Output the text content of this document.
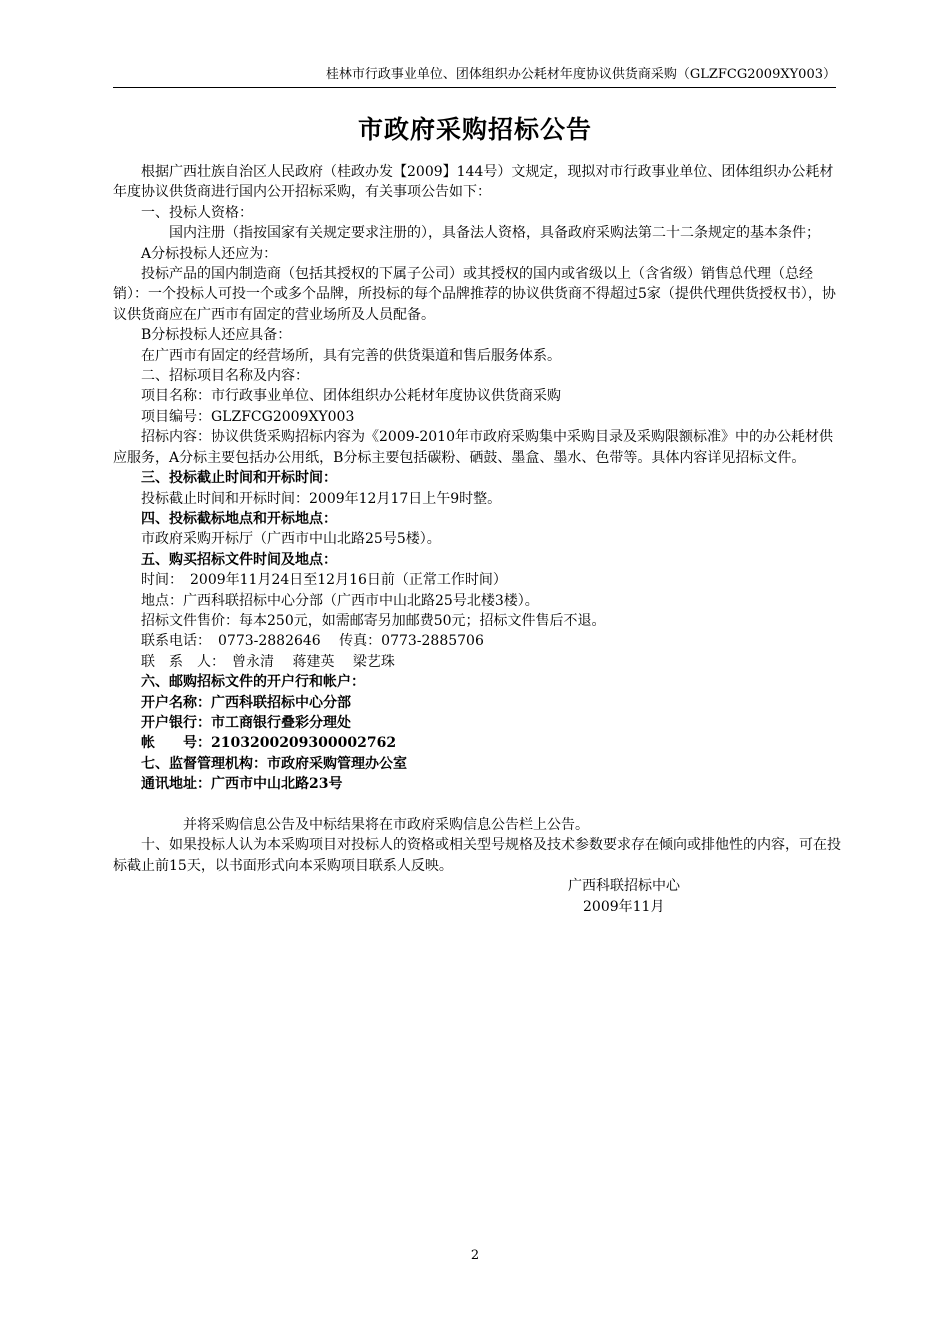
桂林市行政事业单位、团体组织办公耗材年度协议供货商采购（GLZFCG2009XY003）
市政府采购招标公告

根据广西壮族自治区人民政府（桂政办发【2009】144号）文规定，现拟对市行政事业单位、团体组织办公耗材年度协议供货商进行国内公开招标采购，有关事项公告如下：

一、投标人资格：

国内注册（指按国家有关规定要求注册的），具备法人资格，具备政府采购法第二十二条规定的基本条件；

A分标投标人还应为：

投标产品的国内制造商（包括其授权的下属子公司）或其授权的国内或省级以上（含省级）销售总代理（总经销）：一个投标人可投一个或多个品牌，所投标的每个品牌推荐的协议供货商不得超过5家（提供代理供货授权书），协议供货商应在广西市有固定的营业场所及人员配备。

B分标投标人还应具备：

在广西市有固定的经营场所，具有完善的供货渠道和售后服务体系。

二、招标项目名称及内容：

项目名称：市行政事业单位、团体组织办公耗材年度协议供货商采购

项目编号：GLZFCG2009XY003

招标内容：协议供货采购招标内容为《2009-2010年市政府采购集中采购目录及采购限额标准》中的办公耗材供应服务，A分标主要包括办公用纸，B分标主要包括碳粉、硒鼓、墨盒、墨水、色带等。具体内容详见招标文件。

三、投标截止时间和开标时间：

投标截止时间和开标时间：2009年12月17日上午9时整。

四、投标截标地点和开标地点：

市政府采购开标厅（广西市中山北路25号5楼）。

五、购买招标文件时间及地点：

时间：　2009年11月24日至12月16日前（正常工作时间）

地点：广西科联招标中心分部（广西市中山北路25号北楼3楼）。

招标文件售价：每本250元，如需邮寄另加邮费50元；招标文件售后不退。

联系电话：　0773-2882646　 传真：0773-2885706

联　系　人：　曾永清　 蒋建英　 梁艺珠

六、邮购招标文件的开户行和帐户：

开户名称：广西科联招标中心分部

开户银行：市工商银行叠彩分理处

帐　　号：2103200209300002762

七、监督管理机构：市政府采购管理办公室

通讯地址：广西市中山北路23号

并将采购信息公告及中标结果将在市政府采购信息公告栏上公告。

十、如果投标人认为本采购项目对投标人的资格或相关型号规格及技术参数要求存在倾向或排他性的内容，可在投标截止前15天，以书面形式向本采购项目联系人反映。

广西科联招标中心

2009年11月

2
